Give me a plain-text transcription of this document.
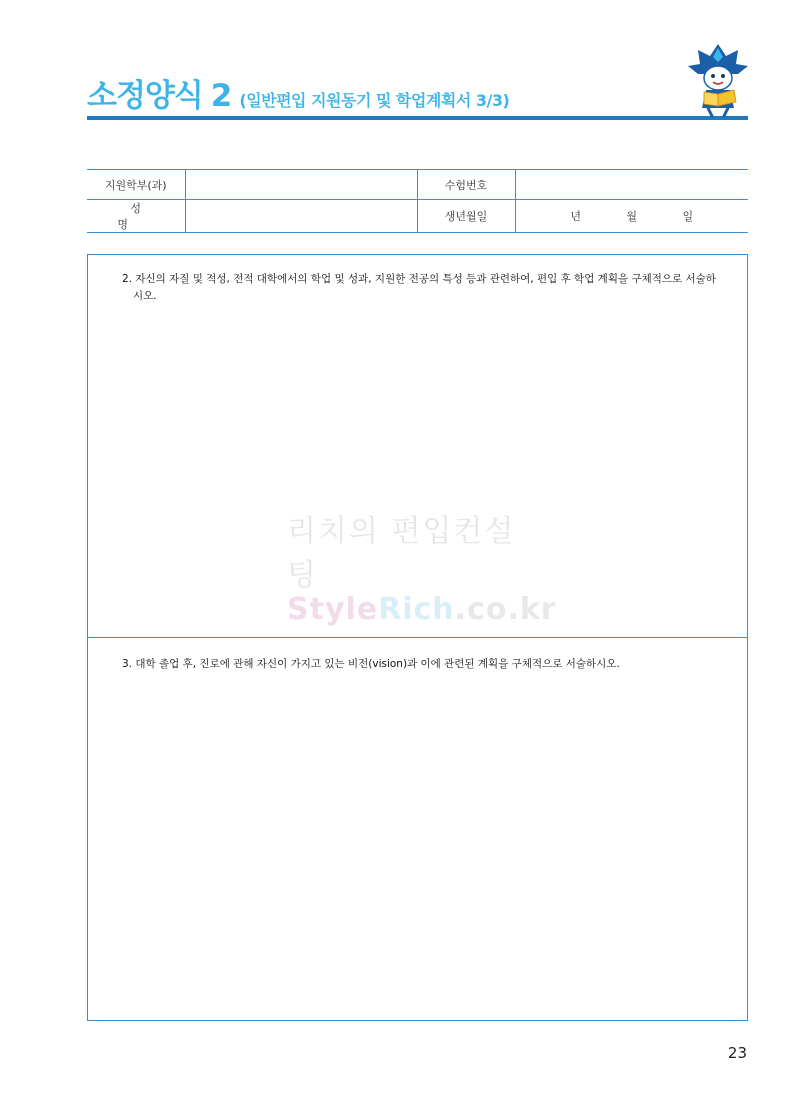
소정양식 2 (일반편입 지원동기 및 학업계획서 3/3)
지원학부(과)		수험번호	
성 명		생년월일	년 월 일
2. 자신의 자질 및 적성, 전적 대학에서의 학업 및 성과, 지원한 전공의 특성 등과 관련하여, 편입 후 학업 계획을 구체적으로 서술하시오.
3. 대학 졸업 후, 진로에 관해 자신이 가지고 있는 비전(vision)과 이에 관련된 계획을 구체적으로 서술하시오.
리치의 편입컨설팅
StyleRich.co.kr
23
